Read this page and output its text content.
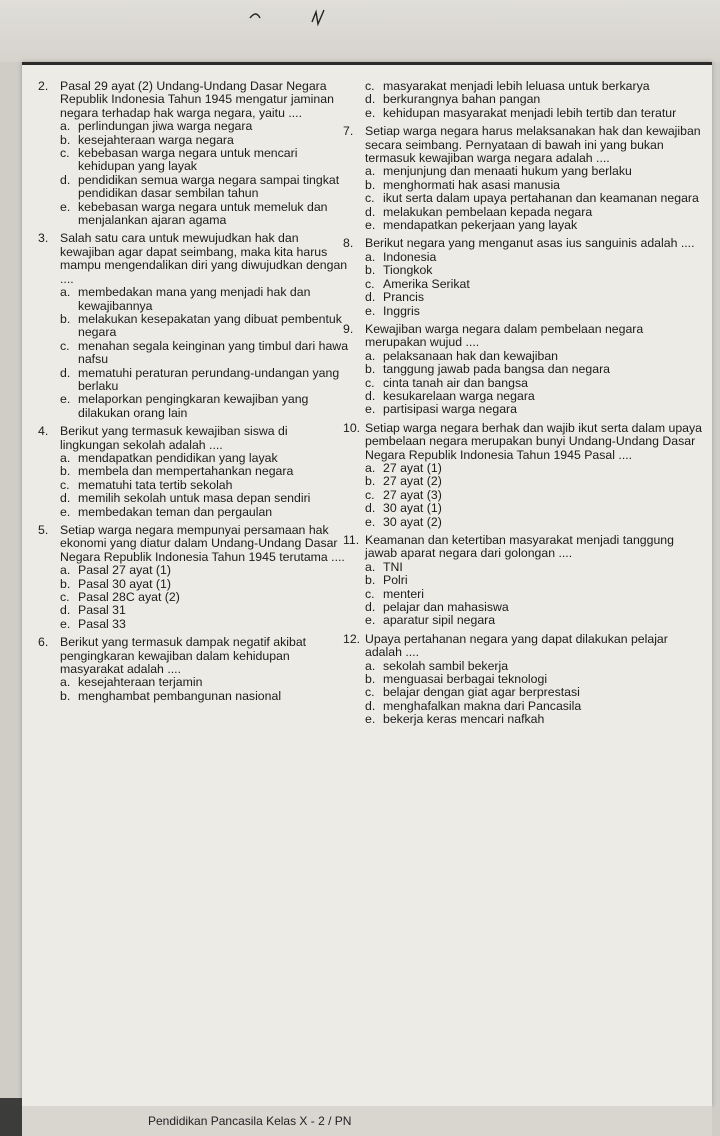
2. Pasal 29 ayat (2) Undang-Undang Dasar Negara Republik Indonesia Tahun 1945 mengatur jaminan negara terhadap hak warga negara, yaitu ....
a. perlindungan jiwa warga negara
b. kesejahteraan warga negara
c. kebebasan warga negara untuk mencari kehidupan yang layak
d. pendidikan semua warga negara sampai tingkat pendidikan dasar sembilan tahun
e. kebebasan warga negara untuk memeluk dan menjalankan ajaran agama
3. Salah satu cara untuk mewujudkan hak dan kewajiban agar dapat seimbang, maka kita harus mampu mengendalikan diri yang diwujudkan dengan ....
a. membedakan mana yang menjadi hak dan kewajibannya
b. melakukan kesepakatan yang dibuat pembentuk negara
c. menahan segala keinginan yang timbul dari hawa nafsu
d. mematuhi peraturan perundang-undangan yang berlaku
e. melaporkan pengingkaran kewajiban yang dilakukan orang lain
4. Berikut yang termasuk kewajiban siswa di lingkungan sekolah adalah ....
a. mendapatkan pendidikan yang layak
b. membela dan mempertahankan negara
c. mematuhi tata tertib sekolah
d. memilih sekolah untuk masa depan sendiri
e. membedakan teman dan pergaulan
5. Setiap warga negara mempunyai persamaan hak ekonomi yang diatur dalam Undang-Undang Dasar Negara Republik Indonesia Tahun 1945 terutama ....
a. Pasal 27 ayat (1)
b. Pasal 30 ayat (1)
c. Pasal 28C ayat (2)
d. Pasal 31
e. Pasal 33
6. Berikut yang termasuk dampak negatif akibat pengingkaran kewajiban dalam kehidupan masyarakat adalah ....
a. kesejahteraan terjamin
b. menghambat pembangunan nasional
c. masyarakat menjadi lebih leluasa untuk berkarya
d. berkurangnya bahan pangan
e. kehidupan masyarakat menjadi lebih tertib dan teratur
7. Setiap warga negara harus melaksanakan hak dan kewajiban secara seimbang. Pernyataan di bawah ini yang bukan termasuk kewajiban warga negara adalah ....
a. menjunjung dan menaati hukum yang berlaku
b. menghormati hak asasi manusia
c. ikut serta dalam upaya pertahanan dan keamanan negara
d. melakukan pembelaan kepada negara
e. mendapatkan pekerjaan yang layak
8. Berikut negara yang menganut asas ius sanguinis adalah ....
a. Indonesia
b. Tiongkok
c. Amerika Serikat
d. Prancis
e. Inggris
9. Kewajiban warga negara dalam pembelaan negara merupakan wujud ....
a. pelaksanaan hak dan kewajiban
b. tanggung jawab pada bangsa dan negara
c. cinta tanah air dan bangsa
d. kesukarelaan warga negara
e. partisipasi warga negara
10. Setiap warga negara berhak dan wajib ikut serta dalam upaya pembelaan negara merupakan bunyi Undang-Undang Dasar Negara Republik Indonesia Tahun 1945 Pasal ....
a. 27 ayat (1)
b. 27 ayat (2)
c. 27 ayat (3)
d. 30 ayat (1)
e. 30 ayat (2)
11. Keamanan dan ketertiban masyarakat menjadi tanggung jawab aparat negara dari golongan ....
a. TNI
b. Polri
c. menteri
d. pelajar dan mahasiswa
e. aparatur sipil negara
12. Upaya pertahanan negara yang dapat dilakukan pelajar adalah ....
a. sekolah sambil bekerja
b. menguasai berbagai teknologi
c. belajar dengan giat agar berprestasi
d. menghafalkan makna dari Pancasila
e. bekerja keras mencari nafkah
Pendidikan Pancasila Kelas X - 2 / PN
